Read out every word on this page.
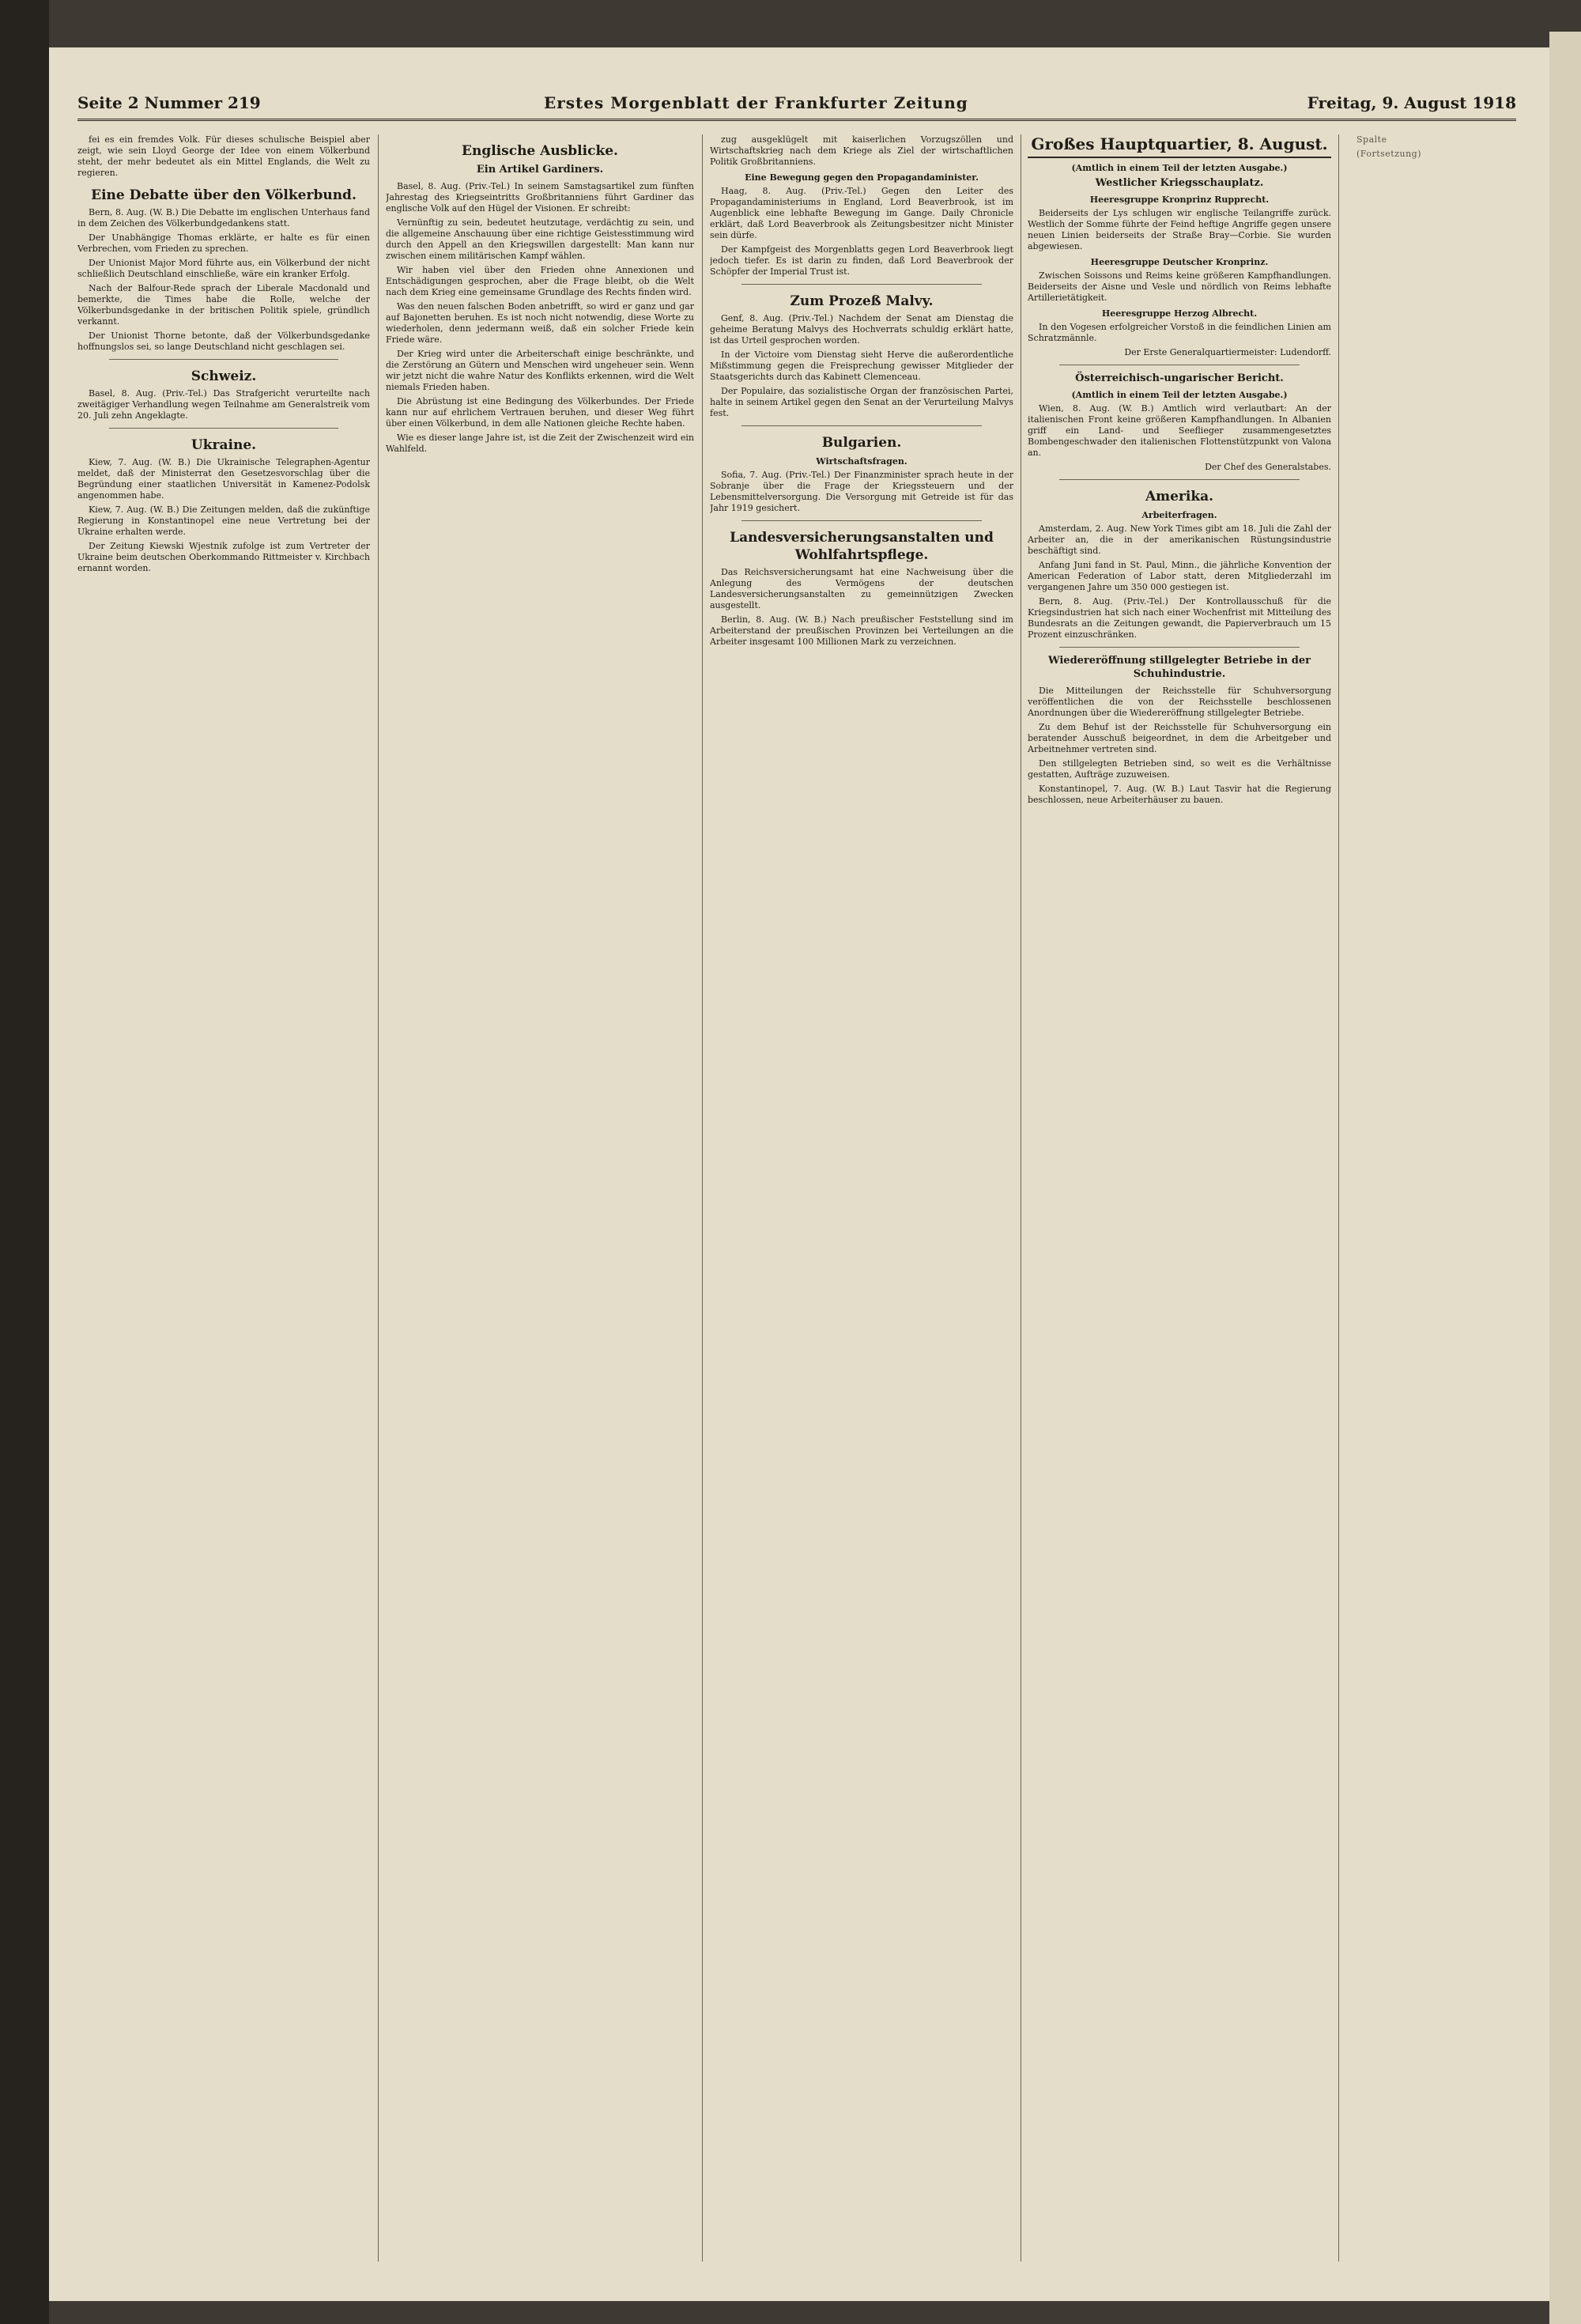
Seite 2 Nummer 219	Erstes Morgenblatt der Frankfurter Zeitung	Freitag, 9. August 1918

fei es ein fremdes Volk. Für dieses schulische Beispiel aber zeigt, wie sein Lloyd George der Idee von einem Völkerbund steht, der mehr bedeutet als ein Mittel Englands, die Welt zu regieren.

Eine Debatte über den Völkerbund.

Bern, 8. Aug. (W. B.) Die Debatte im englischen Unterhaus fand in dem Zeichen des Völkerbundgedankens statt.

Der Unabhängige Thomas erklärte, er halte es für einen Verbrechen, vom Frieden zu sprechen.

Der Unionist Major Mord führte aus, ein Völkerbund der nicht schließlich Deutschland einschließe, wäre ein kranker Erfolg.

Nach der Balfour-Rede sprach der Liberale Macdonald und bemerkte, die Times habe die Rolle, welche der Völkerbundsgedanke in der britischen Politik spiele, gründlich verkannt.

Der Unionist Thorne betonte, daß der Völkerbundsgedanke hoffnungslos sei, so lange Deutschland nicht geschlagen sei.

Schweiz.

Basel, 8. Aug. (Priv.-Tel.) Das Strafgericht verurteilte nach zweitägiger Verhandlung wegen Teilnahme am Generalstreik vom 20. Juli zehn Angeklagte.

Ukraine.

Kiew, 7. Aug. (W. B.) Die Ukrainische Telegraphen-Agentur meldet, daß der Ministerrat den Gesetzesvorschlag über die Begründung einer staatlichen Universität in Kamenez-Podolsk angenommen habe.

Kiew, 7. Aug. (W. B.) Die Zeitungen melden, daß die zukünftige Regierung in Konstantinopel eine neue Vertretung bei der Ukraine erhalten werde.

Der Zeitung Kiewski Wjestnik zufolge ist zum Vertreter der Ukraine beim deutschen Oberkommando Rittmeister v. Kirchbach ernannt worden.

Englische Ausblicke.
Ein Artikel Gardiners.

Basel, 8. Aug. (Priv.-Tel.) In seinem Samstagsartikel zum fünften Jahrestag des Kriegseintritts Großbritanniens führt Gardiner das englische Volk auf den Hügel der Visionen. Er schreibt:

Vernünftig zu sein, bedeutet heutzutage, verdächtig zu sein, und die allgemeine Anschauung über eine richtige Geistesstimmung wird durch den Appell an den Kriegswillen dargestellt: Man kann nur zwischen einem militärischen Kampf wählen.

Wir haben viel über den Frieden ohne Annexionen und Entschädigungen gesprochen, aber die Frage bleibt, ob die Welt nach dem Krieg eine gemeinsame Grundlage des Rechts finden wird.

Was den neuen falschen Boden anbetrifft, so wird er ganz und gar auf Bajonetten beruhen. Es ist noch nicht notwendig, diese Worte zu wiederholen, denn jedermann weiß, daß ein solcher Friede kein Friede wäre.

Der Krieg wird unter die Arbeiterschaft einige beschränkte, und die Zerstörung an Gütern und Menschen wird ungeheuer sein. Wenn wir jetzt nicht die wahre Natur des Konflikts erkennen, wird die Welt niemals Frieden haben.

Die Abrüstung ist eine Bedingung des Völkerbundes. Der Friede kann nur auf ehrlichem Vertrauen beruhen, und dieser Weg führt über einen Völkerbund, in dem alle Nationen gleiche Rechte haben.

Wie es dieser lange Jahre ist, ist die Zeit der Zwischenzeit wird ein Wahlfeld.

zug ausgeklügelt mit kaiserlichen Vorzugszöllen und Wirtschaftskrieg nach dem Kriege als Ziel der wirtschaftlichen Politik Großbritanniens.

Eine Bewegung gegen den Propagandaminister.

Haag, 8. Aug. (Priv.-Tel.) Gegen den Leiter des Propagandaministeriums in England, Lord Beaverbrook, ist im Augenblick eine lebhafte Bewegung im Gange. Daily Chronicle erklärt, daß Lord Beaverbrook als Zeitungsbesitzer nicht Minister sein dürfe.

Der Kampfgeist des Morgenblatts gegen Lord Beaverbrook liegt jedoch tiefer. Es ist darin zu finden, daß Lord Beaverbrook der Schöpfer der Imperial Trust ist.

Zum Prozeß Malvy.

Genf, 8. Aug. (Priv.-Tel.) Nachdem der Senat am Dienstag die geheime Beratung Malvys des Hochverrats schuldig erklärt hatte, ist das Urteil gesprochen worden.

In der Victoire vom Dienstag sieht Herve die außerordentliche Mißstimmung gegen die Freisprechung gewisser Mitglieder der Staatsgerichts durch das Kabinett Clemenceau.

Der Populaire, das sozialistische Organ der französischen Partei, halte in seinem Artikel gegen den Senat an der Verurteilung Malvys fest.

Bulgarien.
Wirtschaftsfragen.

Sofia, 7. Aug. (Priv.-Tel.) Der Finanzminister sprach heute in der Sobranje über die Frage der Kriegssteuern und der Lebensmittelversorgung. Die Versorgung mit Getreide ist für das Jahr 1919 gesichert.

Landesversicherungsanstalten und Wohlfahrtspflege.

Das Reichsversicherungsamt hat eine Nachweisung über die Anlegung des Vermögens der deutschen Landesversicherungsanstalten zu gemeinnützigen Zwecken ausgestellt.

Berlin, 8. Aug. (W. B.) Nach preußischer Feststellung sind im Arbeiterstand der preußischen Provinzen bei Verteilungen an die Arbeiter insgesamt 100 Millionen Mark zu verzeichnen.

Großes Hauptquartier, 8. August.
(Amtlich in einem Teil der letzten Ausgabe.)
Westlicher Kriegsschauplatz.
Heeresgruppe Kronprinz Rupprecht.

Beiderseits der Lys schlugen wir englische Teilangriffe zurück. Westlich der Somme führte der Feind heftige Angriffe gegen unsere neuen Linien beiderseits der Straße Bray—Corbie. Sie wurden abgewiesen.

Heeresgruppe Deutscher Kronprinz.

Zwischen Soissons und Reims keine größeren Kampfhandlungen. Beiderseits der Aisne und Vesle und nördlich von Reims lebhafte Artillerietätigkeit.

Heeresgruppe Herzog Albrecht.

In den Vogesen erfolgreicher Vorstoß in die feindlichen Linien am Schratzmännle.

Der Erste Generalquartiermeister: Ludendorff.

Österreichisch-ungarischer Bericht.
(Amtlich in einem Teil der letzten Ausgabe.)

Wien, 8. Aug. (W. B.) Amtlich wird verlautbart: An der italienischen Front keine größeren Kampfhandlungen. In Albanien griff ein Land- und Seeflieger zusammengesetztes Bombengeschwader den italienischen Flottenstützpunkt von Valona an.

Der Chef des Generalstabes.

Amerika.
Arbeiterfragen.

Amsterdam, 2. Aug. New York Times gibt am 18. Juli die Zahl der Arbeiter an, die in der amerikanischen Rüstungsindustrie beschäftigt sind.

Anfang Juni fand in St. Paul, Minn., die jährliche Konvention der American Federation of Labor statt, deren Mitgliederzahl im vergangenen Jahre um 350 000 gestiegen ist.

Bern, 8. Aug. (Priv.-Tel.) Der Kontrollausschuß für die Kriegsindustrien hat sich nach einer Wochenfrist mit Mitteilung des Bundesrats an die Zeitungen gewandt, die Papierverbrauch um 15 Prozent einzuschränken.

Wiedereröffnung stillgelegter Betriebe in der Schuhindustrie.

Die Mitteilungen der Reichsstelle für Schuhversorgung veröffentlichen die von der Reichsstelle beschlossenen Anordnungen über die Wiedereröffnung stillgelegter Betriebe.

Zu dem Behuf ist der Reichsstelle für Schuhversorgung ein beratender Ausschuß beigeordnet, in dem die Arbeitgeber und Arbeitnehmer vertreten sind.

Den stillgelegten Betrieben sind, so weit es die Verhältnisse gestatten, Aufträge zuzuweisen.

Konstantinopel, 7. Aug. (W. B.) Laut Tasvir hat die Regierung beschlossen, neue Arbeiterhäuser zu bauen.

Spalte

(Fortsetzung)
